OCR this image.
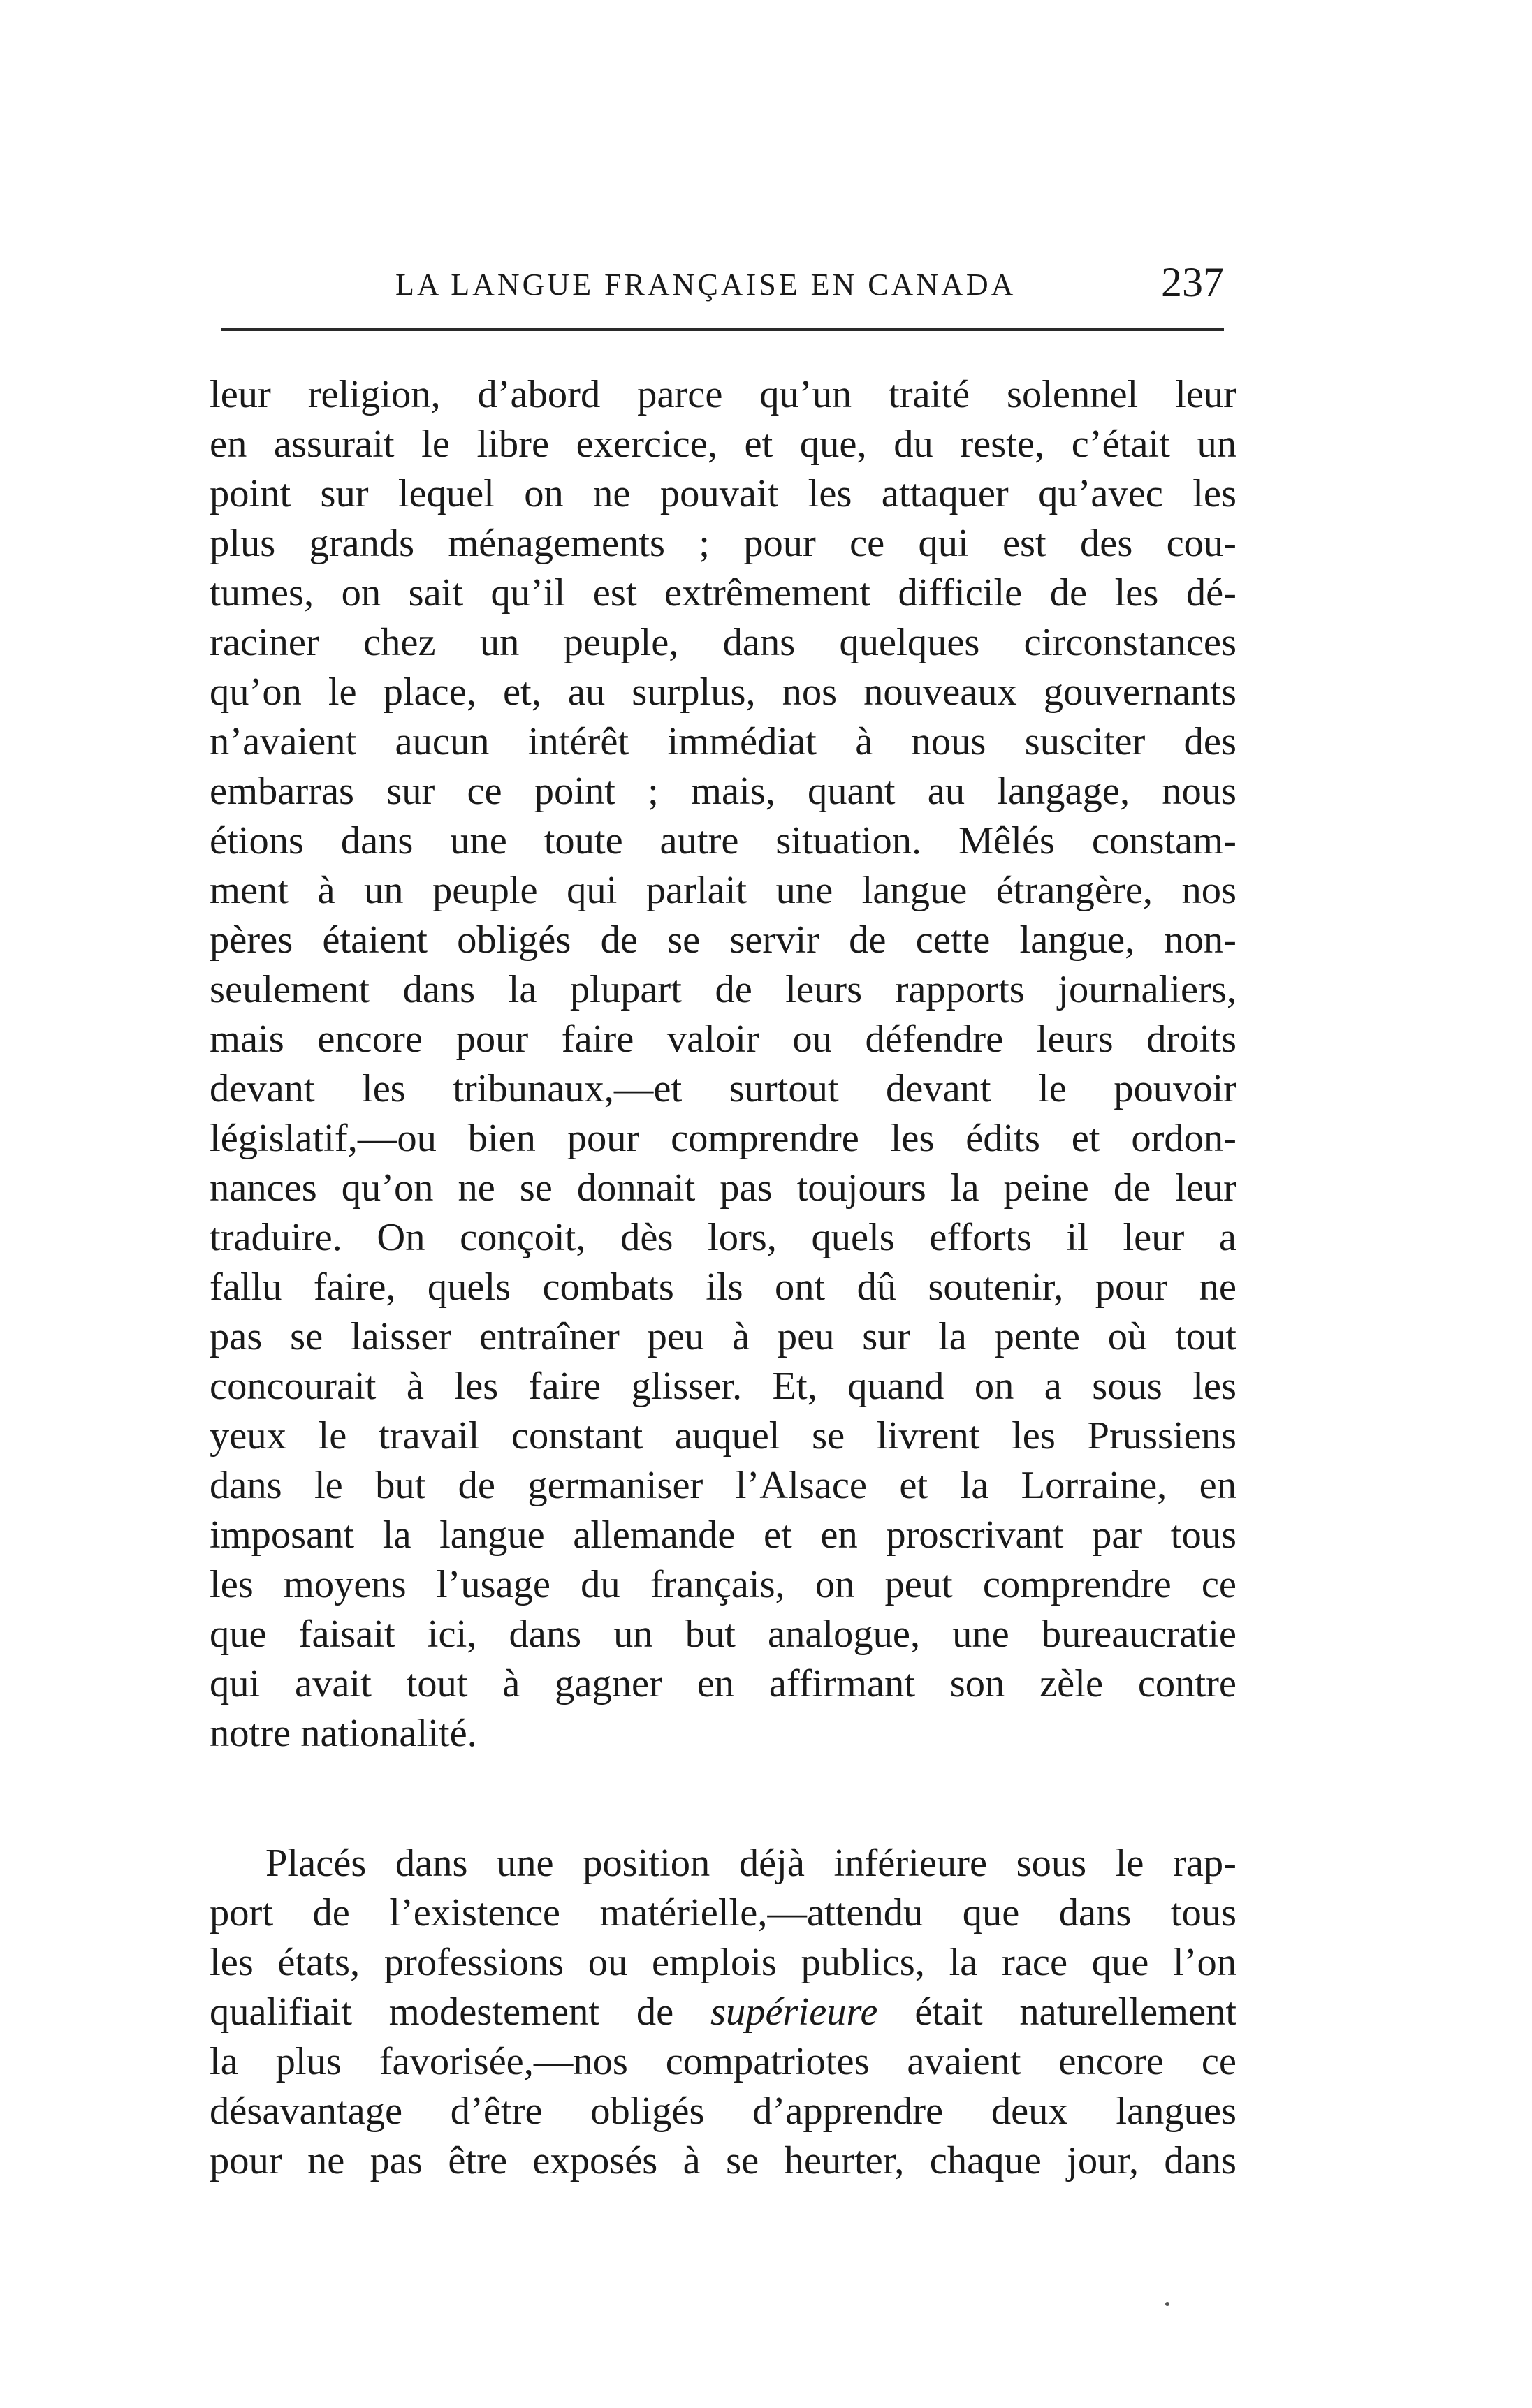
LA LANGUE FRANÇAISE EN CANADA	237
leur religion, d’abord parce qu’un traité solennel leur
en assurait le libre exercice, et que, du reste, c’était un
point sur lequel on ne pouvait les attaquer qu’avec les
plus grands ménagements ; pour ce qui est des cou-
tumes, on sait qu’il est extrêmement difficile de les dé-
raciner chez un peuple, dans quelques circonstances
qu’on le place, et, au surplus, nos nouveaux gouvernants
n’avaient aucun intérêt immédiat à nous susciter des
embarras sur ce point ; mais, quant au langage, nous
étions dans une toute autre situation. Mêlés constam-
ment à un peuple qui parlait une langue étrangère, nos
pères étaient obligés de se servir de cette langue, non-
seulement dans la plupart de leurs rapports journaliers,
mais encore pour faire valoir ou défendre leurs droits
devant les tribunaux,—et surtout devant le pouvoir
législatif,—ou bien pour comprendre les édits et ordon-
nances qu’on ne se donnait pas toujours la peine de leur
traduire. On conçoit, dès lors, quels efforts il leur a
fallu faire, quels combats ils ont dû soutenir, pour ne
pas se laisser entraîner peu à peu sur la pente où tout
concourait à les faire glisser. Et, quand on a sous les
yeux le travail constant auquel se livrent les Prussiens
dans le but de germaniser l’Alsace et la Lorraine, en
imposant la langue allemande et en proscrivant par tous
les moyens l’usage du français, on peut comprendre ce
que faisait ici, dans un but analogue, une bureaucratie
qui avait tout à gagner en affirmant son zèle contre
notre nationalité.
Placés dans une position déjà inférieure sous le rap-
port de l’existence matérielle,—attendu que dans tous
les états, professions ou emplois publics, la race que l’on
qualifiait modestement de supérieure était naturellement
la plus favorisée,—nos compatriotes avaient encore ce
désavantage d’être obligés d’apprendre deux langues
pour ne pas être exposés à se heurter, chaque jour, dans
